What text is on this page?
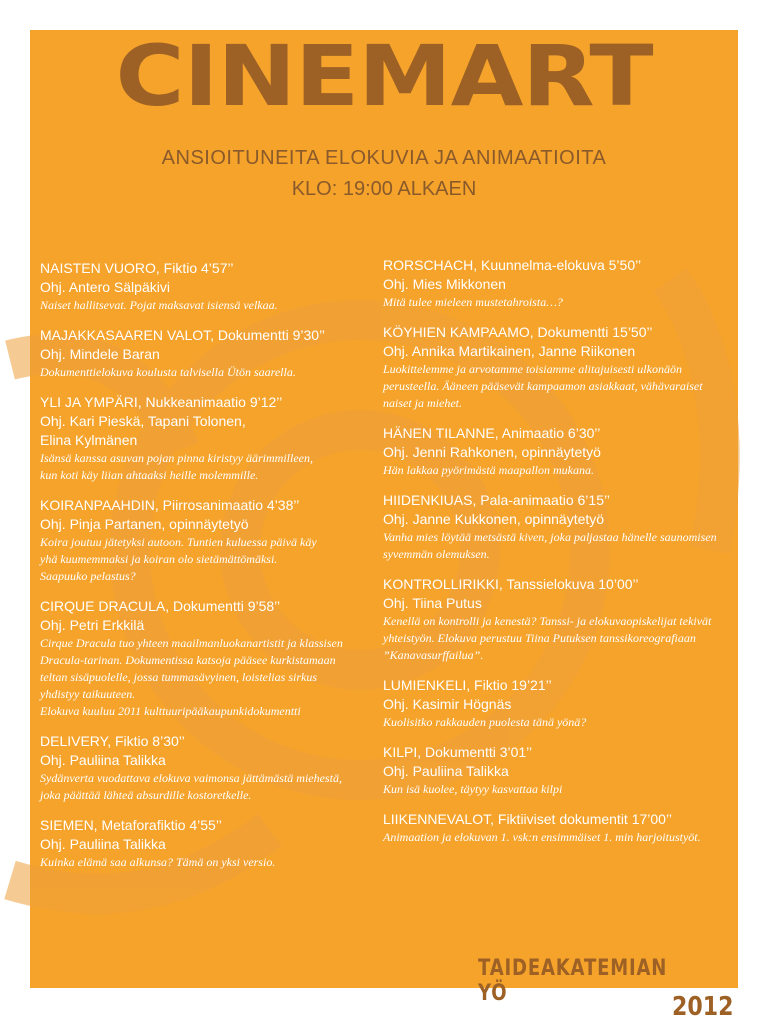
CINEMART
ANSIOITUNEITA ELOKUVIA JA ANIMAATIOITA
KLO: 19:00 ALKAEN
NAISTEN VUORO, Fiktio 4’57’’
Ohj. Antero Sälpäkivi
Naiset hallitsevat. Pojat maksavat isiensä velkaa.
MAJAKKASAAREN VALOT, Dokumentti 9’30’’
Ohj. Mindele Baran
Dokumenttielokuva koulusta talvisella Ütön saarella.
YLI JA YMPÄRI, Nukkeanimaatio 9’12’’
Ohj. Kari Pieskä, Tapani Tolonen,
Elina Kylmänen
Isänsä kanssa asuvan pojan pinna kiristyy äärimmilleen,
kun koti käy liian ahtaaksi heille molemmille.
KOIRANPAAHDIN, Piirrosanimaatio 4’38’’
Ohj. Pinja Partanen, opinnäytetyö
Koira joutuu jätetyksi autoon. Tuntien kuluessa päivä käy
yhä kuumemmaksi ja koiran olo sietämättömäksi.
Saapuuko pelastus?
CIRQUE DRACULA, Dokumentti 9’58’’
Ohj. Petri Erkkilä
Cirque Dracula tuo yhteen maailmanluokanartistit ja klassisen
Dracula-tarinan. Dokumentissa katsoja pääsee kurkistamaan
teltan sisäpuolelle, jossa tummasävyinen, loistelias sirkus
yhdistyy taikuuteen.
Elokuva kuuluu 2011 kulttuuripääkaupunkidokumentti
DELIVERY, Fiktio 8’30’’
Ohj. Pauliina Talikka
Sydänverta vuodattava elokuva vaimonsa jättämästä miehestä,
joka päättää lähteä absurdille kostoretkelle.
SIEMEN, Metaforafiktio 4’55’’
Ohj. Pauliina Talikka
Kuinka elämä saa alkunsa? Tämä on yksi versio.
RORSCHACH, Kuunnelma-elokuva 5’50’’
Ohj. Mies Mikkonen
Mitä tulee mieleen mustetahroista…?
KÖYHIEN KAMPAAMO, Dokumentti 15’50’’
Ohj. Annika Martikainen, Janne Riikonen
Luokittelemme ja arvotamme toisiamme alitajuisesti ulkonäön
perusteella. Ääneen pääsevät kampaamon asiakkaat, vähävaraiset
naiset ja miehet.
HÄNEN TILANNE, Animaatio 6’30’’
Ohj. Jenni Rahkonen, opinnäytetyö
Hän lakkaa pyörimästä maapallon mukana.
HIIDENKIUAS, Pala-animaatio 6’15’’
Ohj. Janne Kukkonen, opinnäytetyö
Vanha mies löytää metsästä kiven, joka paljastaa hänelle saunomisen
syvemmän olemuksen.
KONTROLLIRIKKI, Tanssielokuva 10’00’’
Ohj. Tiina Putus
Kenellä on kontrolli ja kenestä? Tanssi- ja elokuvaopiskelijat tekivät
yhteistyön. Elokuva perustuu Tiina Putuksen tanssikoreografiaan
”Kanavasurffailua”.
LUMIENKELI, Fiktio 19’21’’
Ohj. Kasimir Högnäs
Kuolisitko rakkauden puolesta tänä yönä?
KILPI, Dokumentti 3’01’’
Ohj. Pauliina Talikka
Kun isä kuolee, täytyy kasvattaa kilpi
LIIKENNEVALOT, Fiktiiviset dokumentit 17’00’’
Animaation ja elokuvan 1. vsk:n ensimmäiset 1. min harjoitustyöt.
TAIDEAKATEMIAN YÖ	2012
